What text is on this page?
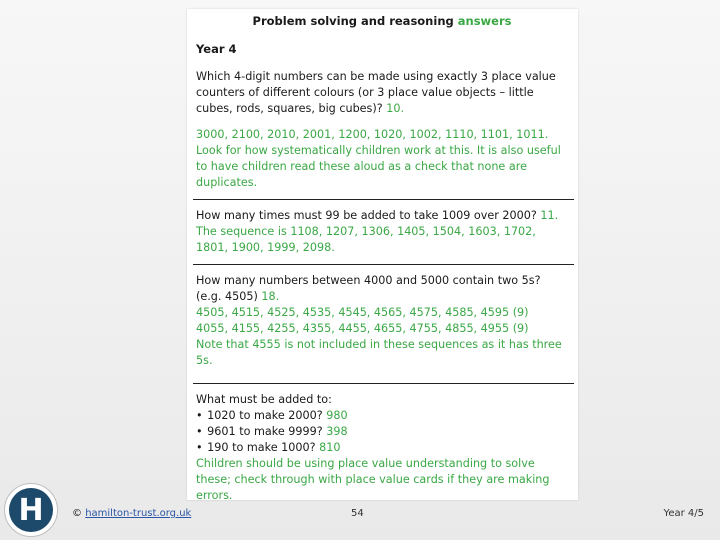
Problem solving and reasoning answers
Year 4

Which 4-digit numbers can be made using exactly 3 place value counters of different colours (or 3 place value objects – little cubes, rods, squares, big cubes)? 10.

3000, 2100, 2010, 2001, 1200, 1020, 1002, 1110, 1101, 1011. Look for how systematically children work at this. It is also useful to have children read these aloud as a check that none are duplicates.

How many times must 99 be added to take 1009 over 2000? 11.

The sequence is 1108, 1207, 1306, 1405, 1504, 1603, 1702, 1801, 1900, 1999, 2098.

How many numbers between 4000 and 5000 contain two 5s? (e.g. 4505) 18.

4505, 4515, 4525, 4535, 4545, 4565, 4575, 4585, 4595 (9)

4055, 4155, 4255, 4355, 4455, 4655, 4755, 4855, 4955 (9)

Note that 4555 is not included in these sequences as it has three 5s.

What must be added to:

• 1020 to make 2000? 980

• 9601 to make 9999? 398

• 190 to make 1000? 810

Children should be using place value understanding to solve these; check through with place value cards if they are making errors.

H	© hamilton-trust.org.uk	54	Year 4/5
